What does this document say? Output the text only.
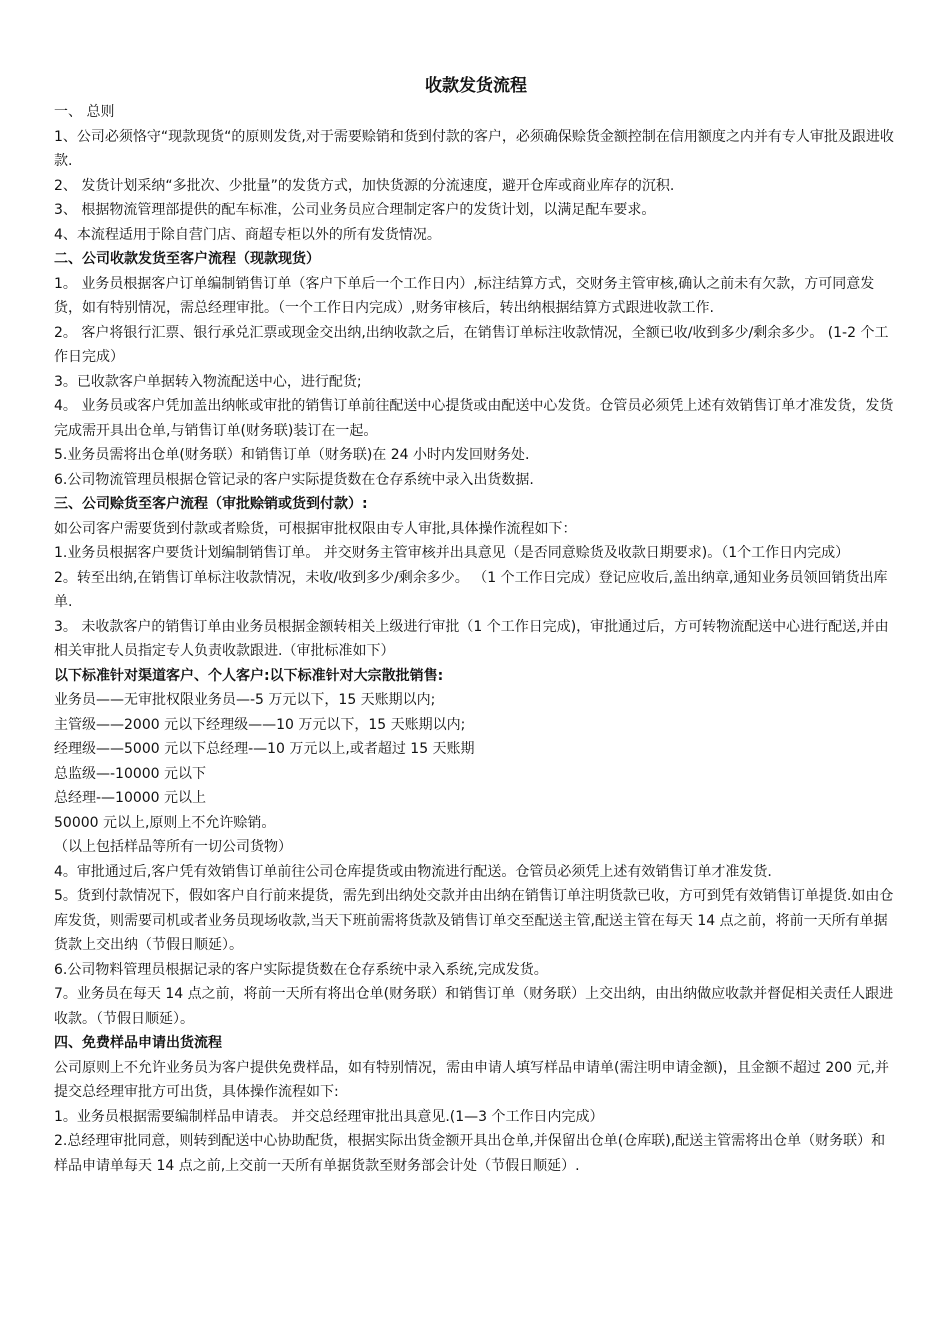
收款发货流程

一、 总则

1、公司必须恪守“现款现货“的原则发货,对于需要赊销和货到付款的客户，必须确保赊货金额控制在信用额度之内并有专人审批及跟进收款.

2、 发货计划采纳“多批次、少批量”的发货方式，加快货源的分流速度，避开仓库或商业库存的沉积.

3、 根据物流管理部提供的配车标准，公司业务员应合理制定客户的发货计划，以满足配车要求。

4、本流程适用于除自营门店、商超专柜以外的所有发货情况。

二、公司收款发货至客户流程（现款现货）

1。 业务员根据客户订单编制销售订单（客户下单后一个工作日内）,标注结算方式，交财务主管审核,确认之前未有欠款，方可同意发货，如有特别情况，需总经理审批。（一个工作日内完成）,财务审核后，转出纳根据结算方式跟进收款工作.

2。 客户将银行汇票、银行承兑汇票或现金交出纳,出纳收款之后，在销售订单标注收款情况，全额已收/收到多少/剩余多少。 (1-2 个工作日完成）

3。已收款客户单据转入物流配送中心，进行配货;

4。 业务员或客户凭加盖出纳帐或审批的销售订单前往配送中心提货或由配送中心发货。仓管员必须凭上述有效销售订单才准发货，发货完成需开具出仓单,与销售订单(财务联)装订在一起。

5.业务员需将出仓单(财务联）和销售订单（财务联)在 24 小时内发回财务处.

6.公司物流管理员根据仓管记录的客户实际提货数在仓存系统中录入出货数据.

三、公司赊货至客户流程（审批赊销或货到付款）:

如公司客户需要货到付款或者赊货，可根据审批权限由专人审批,具体操作流程如下：

1.业务员根据客户要货计划编制销售订单。 并交财务主管审核并出具意见（是否同意赊货及收款日期要求)。（1个工作日内完成）

2。转至出纳,在销售订单标注收款情况，未收/收到多少/剩余多少。 （1 个工作日完成）登记应收后,盖出纳章,通知业务员领回销货出库单.

3。 未收款客户的销售订单由业务员根据金额转相关上级进行审批（1 个工作日完成)，审批通过后，方可转物流配送中心进行配送,并由相关审批人员指定专人负责收款跟进.（审批标准如下）

以下标准针对渠道客户、个人客户:以下标准针对大宗散批销售:

业务员——无审批权限业务员—-5 万元以下，15 天账期以内;

主管级——2000 元以下经理级——10 万元以下，15 天账期以内;

经理级——5000 元以下总经理-—10 万元以上,或者超过 15 天账期

总监级—-10000 元以下

总经理-—10000 元以上

50000 元以上,原则上不允许赊销。

（以上包括样品等所有一切公司货物）

4。审批通过后,客户凭有效销售订单前往公司仓库提货或由物流进行配送。仓管员必须凭上述有效销售订单才准发货.

5。货到付款情况下，假如客户自行前来提货，需先到出纳处交款并由出纳在销售订单注明货款已收，方可到凭有效销售订单提货.如由仓库发货，则需要司机或者业务员现场收款,当天下班前需将货款及销售订单交至配送主管,配送主管在每天 14 点之前，将前一天所有单据货款上交出纳（节假日顺延）。

6.公司物料管理员根据记录的客户实际提货数在仓存系统中录入系统,完成发货。

7。业务员在每天 14 点之前，将前一天所有将出仓单(财务联）和销售订单（财务联）上交出纳，由出纳做应收款并督促相关责任人跟进收款。（节假日顺延）。

四、免费样品申请出货流程

公司原则上不允许业务员为客户提供免费样品，如有特别情况，需由申请人填写样品申请单(需注明申请金额)，且金额不超过 200 元,并提交总经理审批方可出货，具体操作流程如下:

1。业务员根据需要编制样品申请表。 并交总经理审批出具意见.(1—3 个工作日内完成）

2.总经理审批同意，则转到配送中心协助配货，根据实际出货金额开具出仓单,并保留出仓单(仓库联),配送主管需将出仓单（财务联）和样品申请单每天 14 点之前,上交前一天所有单据货款至财务部会计处（节假日顺延）.
